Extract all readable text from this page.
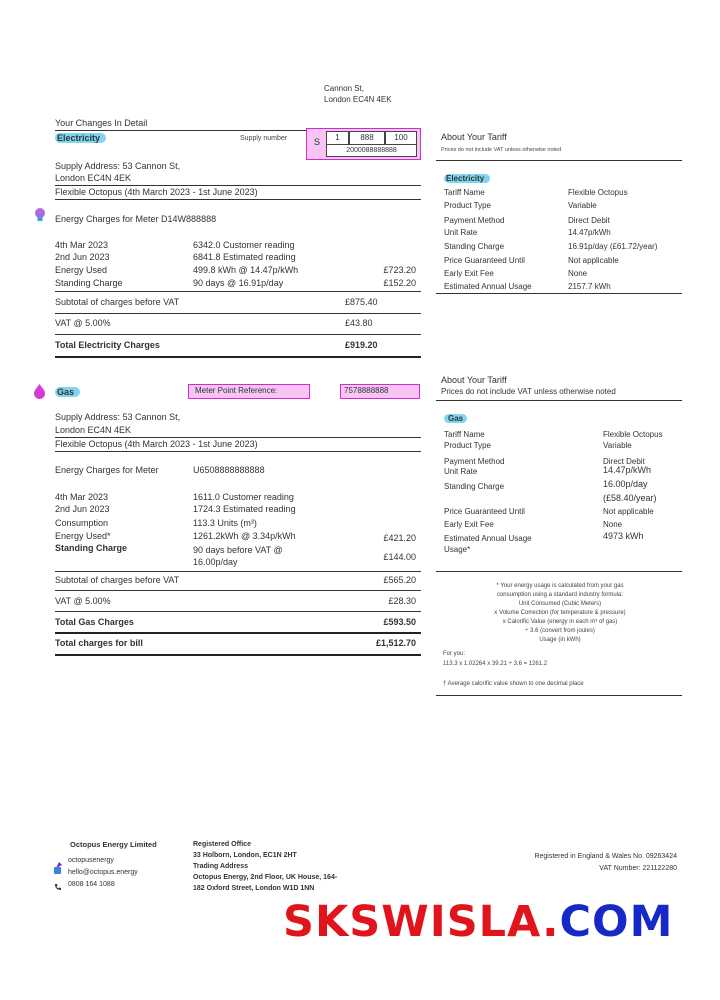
Cannon St,
London EC4N 4EK
Your Changes In Detail
Electricity	Supply number	S	1	888	100
2000088888888
Supply Address: 53 Cannon St,
London EC4N 4EK
Flexible Octopus (4th March 2023 - 1st June 2023)
Energy Charges for Meter D14W888888
4th Mar 2023	6342.0 Customer reading
2nd Jun 2023	6841.8 Estimated reading
Energy Used	499.8 kWh @ 14.47p/kWh	£723.20
Standing Charge	90 days @ 16.91p/day	£152.20
Subtotal of charges before VAT	£875.40
VAT @ 5.00%	£43.80
Total Electricity Charges	£919.20
Gas	Meter Point Reference:	7578888888
Supply Address: 53 Cannon St,
London EC4N 4EK
Flexible Octopus (4th March 2023 - 1st June 2023)
Energy Charges for Meter	U6508888888888
4th Mar 2023	1611.0 Customer reading
2nd Jun 2023	1724.3 Estimated reading
Consumption	113.3 Units (m³)
Energy Used*	1261.2kWh @ 3.34p/kWh	£421.20
Standing Charge	90 days before VAT @
16.00p/day	£144.00
Subtotal of charges before VAT	£565.20
VAT @ 5.00%	£28.30
Total Gas Charges	£593.50
Total charges for bill	£1,512.70
About Your Tariff
Prices do not include VAT unless otherwise noted
Electricity
Tariff Name	Flexible Octopus
Product Type	Variable
Payment Method	Direct Debit
Unit Rate	14.47p/kWh
Standing Charge	16.91p/day (£61.72/year)
Price Guaranteed Until	Not applicable
Early Exit Fee	None
Estimated Annual Usage	2157.7 kWh
About Your Tariff
Prices do not include VAT unless otherwise noted
Gas
Tariff Name	Flexible Octopus
Product Type	Variable
Payment Method	Direct Debit
Unit Rate	14.47p/kWh
Standing Charge	16.00p/day
(£58.40/year)
Price Guaranteed Until	Not applicable
Early Exit Fee	None
Estimated Annual Usage	4973 kWh
Usage*
* Your energy usage is calculated from your gas
consumption using a standard industry formula:
Unit Consumed (Cubic Meters)
x Volume Correction (for temperature & pressure)
x Calorific Value (energy in each m³ of gas)
÷ 3.6 (convert from joules)
Usage (in kWh)
For you:
113.3 x 1.02264 x 39.21 ÷ 3.6 = 1261.2
† Average calorific value shown to one decimal place
Octopus Energy Limited
octopusenergy
hello@octopus.energy
0808 164 1088
Registered Office
33 Holborn, London, EC1N 2HT
Trading Address
Octopus Energy, 2nd Floor, UK House, 164-
182 Oxford Street, London W1D 1NN
Registered in England & Wales No. 09263424
VAT Number: 221122280
SKSWISLA.COM
